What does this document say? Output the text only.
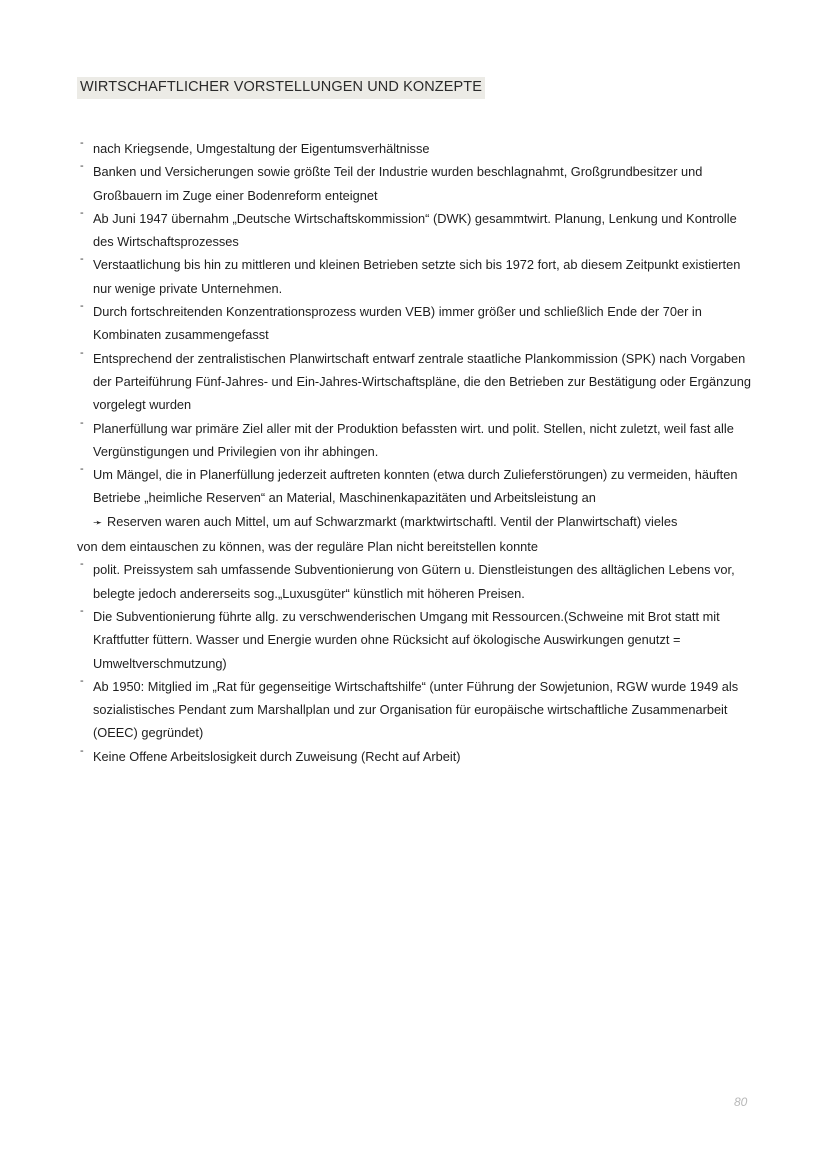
WIRTSCHAFTLICHER VORSTELLUNGEN UND KONZEPTE
- nach Kriegsende, Umgestaltung der Eigentumsverhältnisse
- Banken und Versicherungen sowie größte Teil der Industrie wurden beschlagnahmt, Großgrundbesitzer und Großbauern im Zuge einer Bodenreform enteignet
- Ab Juni 1947 übernahm „Deutsche Wirtschaftskommission“ (DWK) gesammtwirt. Planung, Lenkung und Kontrolle des Wirtschaftsprozesses
- Verstaatlichung bis hin zu mittleren und kleinen Betrieben setzte sich bis 1972 fort, ab diesem Zeitpunkt existierten nur wenige private Unternehmen.
- Durch fortschreitenden Konzentrationsprozess wurden VEB) immer größer und schließlich Ende der 70er in Kombinaten zusammengefasst
- Entsprechend der zentralistischen Planwirtschaft entwarf zentrale staatliche Plankommission (SPK) nach Vorgaben der Parteiführung Fünf-Jahres- und Ein-Jahres-Wirtschaftspläne, die den Betrieben zur Bestätigung oder Ergänzung vorgelegt wurden
- Planerfüllung war primäre Ziel aller mit der Produktion befassten wirt. und polit. Stellen, nicht zuletzt, weil fast alle Vergünstigungen und Privilegien von ihr abhingen.
- Um Mängel, die in Planerfüllung jederzeit auftreten konnten (etwa durch Zulieferstörungen) zu vermeiden, häuften Betriebe „heimliche Reserven“ an Material, Maschinenkapazitäten und Arbeitsleistung an
➛ Reserven waren auch Mittel, um auf Schwarzmarkt (marktwirtschaftl. Ventil der Planwirtschaft) vieles
von dem eintauschen zu können, was der reguläre Plan nicht bereitstellen konnte
- polit. Preissystem sah umfassende Subventionierung von Gütern u. Dienstleistungen des alltäglichen Lebens vor, belegte jedoch andererseits sog.„Luxusgüter“ künstlich mit höheren Preisen.
- Die Subventionierung führte allg. zu verschwenderischen Umgang mit Ressourcen.(Schweine mit Brot statt mit Kraftfutter füttern. Wasser und Energie wurden ohne Rücksicht auf ökologische Auswirkungen genutzt = Umweltverschmutzung)
- Ab 1950: Mitglied im „Rat für gegenseitige Wirtschaftshilfe“ (unter Führung der Sowjetunion, RGW wurde 1949 als sozialistisches Pendant zum Marshallplan und zur Organisation für europäische wirtschaftliche Zusammenarbeit (OEEC) gegründet)
- Keine Offene Arbeitslosigkeit durch Zuweisung (Recht auf Arbeit)
80
